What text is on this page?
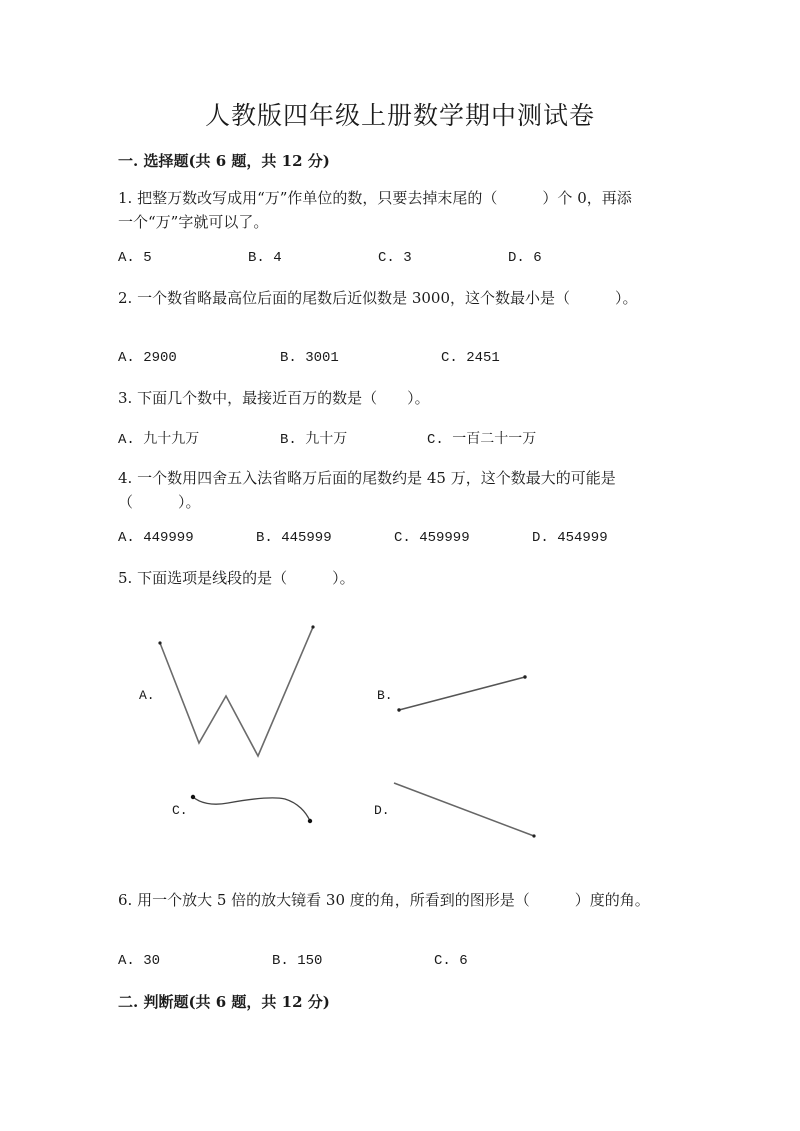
人教版四年级上册数学期中测试卷
一. 选择题(共 6 题，共 12 分)
1. 把整万数改写成用“万”作单位的数，只要去掉末尾的（　　　）个 0，再添
一个“万”字就可以了。
A. 5	B. 4	C. 3	D. 6
2. 一个数省略最高位后面的尾数后近似数是 3000，这个数最小是（　　　）。
A. 2900	B. 3001	C. 2451
3. 下面几个数中，最接近百万的数是（　　）。
A. 九十九万	B. 九十万	C. 一百二十一万
4. 一个数用四舍五入法省略万后面的尾数约是 45 万，这个数最大的可能是
（　　　）。
A. 449999	B. 445999	C. 459999	D. 454999
5. 下面选项是线段的是（　　　）。
A.	B.
C.	D.
6. 用一个放大 5 倍的放大镜看 30 度的角，所看到的图形是（　　　）度的角。
A. 30	B. 150	C. 6
二. 判断题(共 6 题，共 12 分)
